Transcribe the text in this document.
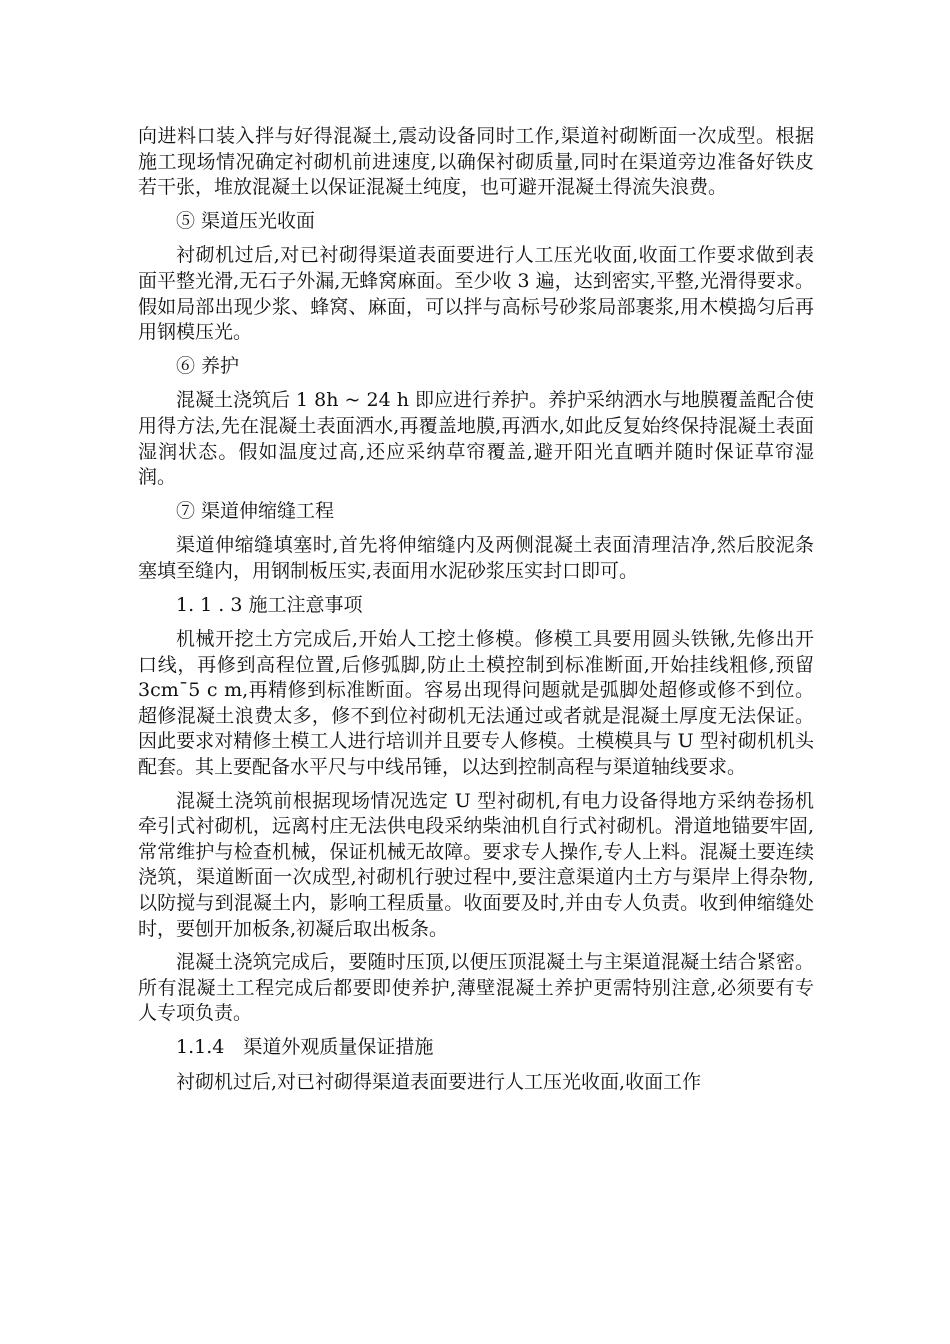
向进料口装入拌与好得混凝土,震动设备同时工作,渠道衬砌断面一次成型。根据施工现场情况确定衬砌机前进速度,以确保衬砌质量,同时在渠道旁边准备好铁皮若干张，堆放混凝土以保证混凝土纯度，也可避开混凝土得流失浪费。

⑤ 渠道压光收面

衬砌机过后,对已衬砌得渠道表面要进行人工压光收面,收面工作要求做到表面平整光滑,无石子外漏,无蜂窝麻面。至少收 3 遍，达到密实,平整,光滑得要求。假如局部出现少浆、蜂窝、麻面，可以拌与高标号砂浆局部裹浆,用木模捣匀后再用钢模压光。

⑥ 养护

混凝土浇筑后 1 8h ~ 24 h 即应进行养护。养护采纳洒水与地膜覆盖配合使用得方法,先在混凝土表面洒水,再覆盖地膜,再洒水,如此反复始终保持混凝土表面湿润状态。假如温度过高,还应采纳草帘覆盖,避开阳光直晒并随时保证草帘湿润。

⑦ 渠道伸缩缝工程

渠道伸缩缝填塞时,首先将伸缩缝内及两侧混凝土表面清理洁净,然后胶泥条塞填至缝内，用钢制板压实,表面用水泥砂浆压实封口即可。

1. 1 . 3 施工注意事项

机械开挖土方完成后,开始人工挖土修模。修模工具要用圆头铁锹,先修出开口线，再修到高程位置,后修弧脚,防止土模控制到标准断面,开始挂线粗修,预留 3cm¯5 c m,再精修到标准断面。容易出现得问题就是弧脚处超修或修不到位。超修混凝土浪费太多，修不到位衬砌机无法通过或者就是混凝土厚度无法保证。因此要求对精修土模工人进行培训并且要专人修模。土模模具与 U 型衬砌机机头配套。其上要配备水平尺与中线吊锤，以达到控制高程与渠道轴线要求。

混凝土浇筑前根据现场情况选定 U 型衬砌机,有电力设备得地方采纳卷扬机牵引式衬砌机，远离村庄无法供电段采纳柴油机自行式衬砌机。滑道地锚要牢固,常常维护与检查机械，保证机械无故障。要求专人操作,专人上料。混凝土要连续浇筑，渠道断面一次成型,衬砌机行驶过程中,要注意渠道内土方与渠岸上得杂物,以防搅与到混凝土内，影响工程质量。收面要及时,并由专人负责。收到伸缩缝处时，要刨开加板条,初凝后取出板条。

混凝土浇筑完成后，要随时压顶,以便压顶混凝土与主渠道混凝土结合紧密。所有混凝土工程完成后都要即使养护,薄壁混凝土养护更需特别注意,必须要有专人专项负责。

1.1.4　渠道外观质量保证措施

衬砌机过后,对已衬砌得渠道表面要进行人工压光收面,收面工作
